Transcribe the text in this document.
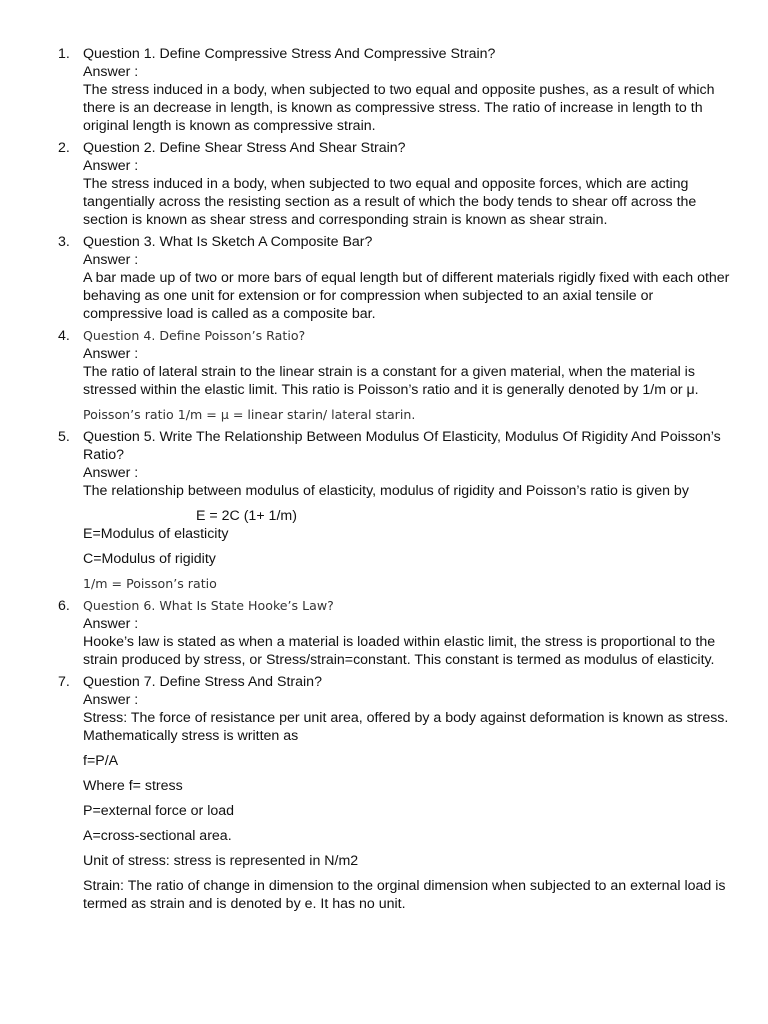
1. Question 1. Define Compressive Stress And Compressive Strain?
Answer :
The stress induced in a body, when subjected to two equal and opposite pushes, as a result of which there is an decrease in length, is known as compressive stress. The ratio of increase in length to th original length is known as compressive strain.
2. Question 2. Define Shear Stress And Shear Strain?
Answer :
The stress induced in a body, when subjected to two equal and opposite forces, which are acting tangentially across the resisting section as a result of which the body tends to shear off across the section is known as shear stress and corresponding strain is known as shear strain.
3. Question 3. What Is Sketch A Composite Bar?
Answer :
A bar made up of two or more bars of equal length but of different materials rigidly fixed with each other behaving as one unit for extension or for compression when subjected to an axial tensile or compressive load is called as a composite bar.
4. Question 4. Define Poisson’s Ratio?
Answer :
The ratio of lateral strain to the linear strain is a constant for a given material, when the material is stressed within the elastic limit. This ratio is Poisson’s ratio and it is generally denoted by 1/m or μ.
Poisson’s ratio 1/m = μ = linear starin/ lateral starin.
5. Question 5. Write The Relationship Between Modulus Of Elasticity, Modulus Of Rigidity And Poisson’s Ratio?
Answer :
The relationship between modulus of elasticity, modulus of rigidity and Poisson’s ratio is given by
E = 2C (1+ 1/m)
E=Modulus of elasticity
C=Modulus of rigidity
1/m = Poisson’s ratio
6. Question 6. What Is State Hooke’s Law?
Answer :
Hooke’s law is stated as when a material is loaded within elastic limit, the stress is proportional to the strain produced by stress, or Stress/strain=constant. This constant is termed as modulus of elasticity.
7. Question 7. Define Stress And Strain?
Answer :
Stress: The force of resistance per unit area, offered by a body against deformation is known as stress.
Mathematically stress is written as
f=P/A
Where f= stress
P=external force or load
A=cross-sectional area.
Unit of stress: stress is represented in N/m2
Strain: The ratio of change in dimension to the orginal dimension when subjected to an external load is termed as strain and is denoted by e. It has no unit.
